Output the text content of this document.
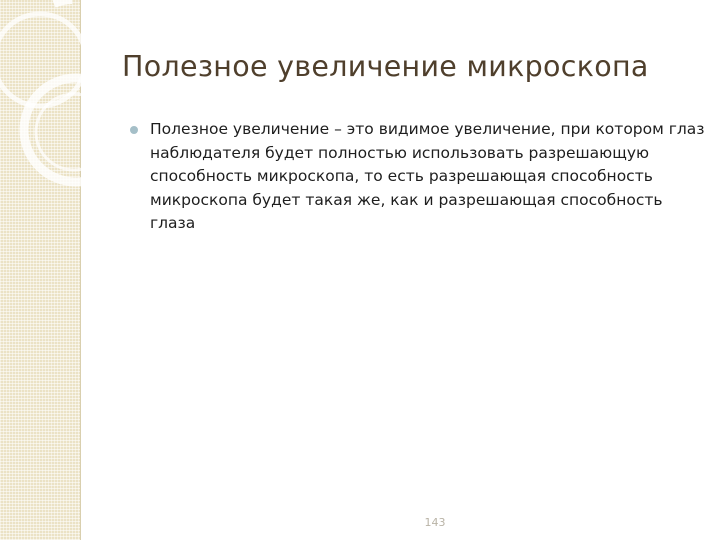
Полезное увеличение микроскопа
Полезное увеличение – это видимое увеличение, при котором глаз наблюдателя будет полностью использовать разрешающую способность микроскопа, то есть разрешающая способность микроскопа будет такая же, как и разрешающая способность глаза
143
